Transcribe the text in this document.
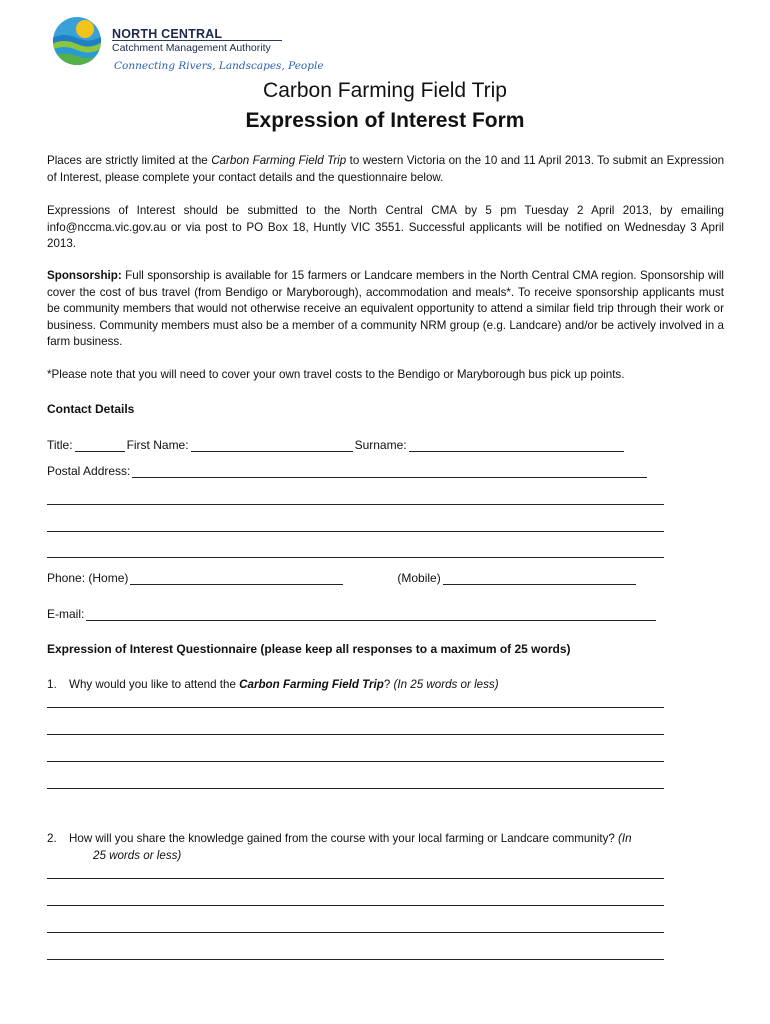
NORTH CENTRAL
Catchment Management Authority
Connecting Rivers, Landscapes, People
Carbon Farming Field Trip
Expression of Interest Form
Places are strictly limited at the Carbon Farming Field Trip to western Victoria on the 10 and 11 April 2013. To submit an Expression of Interest, please complete your contact details and the questionnaire below.
Expressions of Interest should be submitted to the North Central CMA by 5 pm Tuesday 2 April 2013, by emailing info@nccma.vic.gov.au or via post to PO Box 18, Huntly VIC 3551. Successful applicants will be notified on Wednesday 3 April 2013.
Sponsorship: Full sponsorship is available for 15 farmers or Landcare members in the North Central CMA region. Sponsorship will cover the cost of bus travel (from Bendigo or Maryborough), accommodation and meals*. To receive sponsorship applicants must be community members that would not otherwise receive an equivalent opportunity to attend a similar field trip through their work or business. Community members must also be a member of a community NRM group (e.g. Landcare) and/or be actively involved in a farm business.
*Please note that you will need to cover your own travel costs to the Bendigo or Maryborough bus pick up points.
Contact Details
Title:	First Name:	Surname:
Postal Address:
Phone: (Home)	(Mobile)
E-mail:
Expression of Interest Questionnaire (please keep all responses to a maximum of 25 words)
1. Why would you like to attend the Carbon Farming Field Trip? (In 25 words or less)
2. How will you share the knowledge gained from the course with your local farming or Landcare community? (In
25 words or less)
